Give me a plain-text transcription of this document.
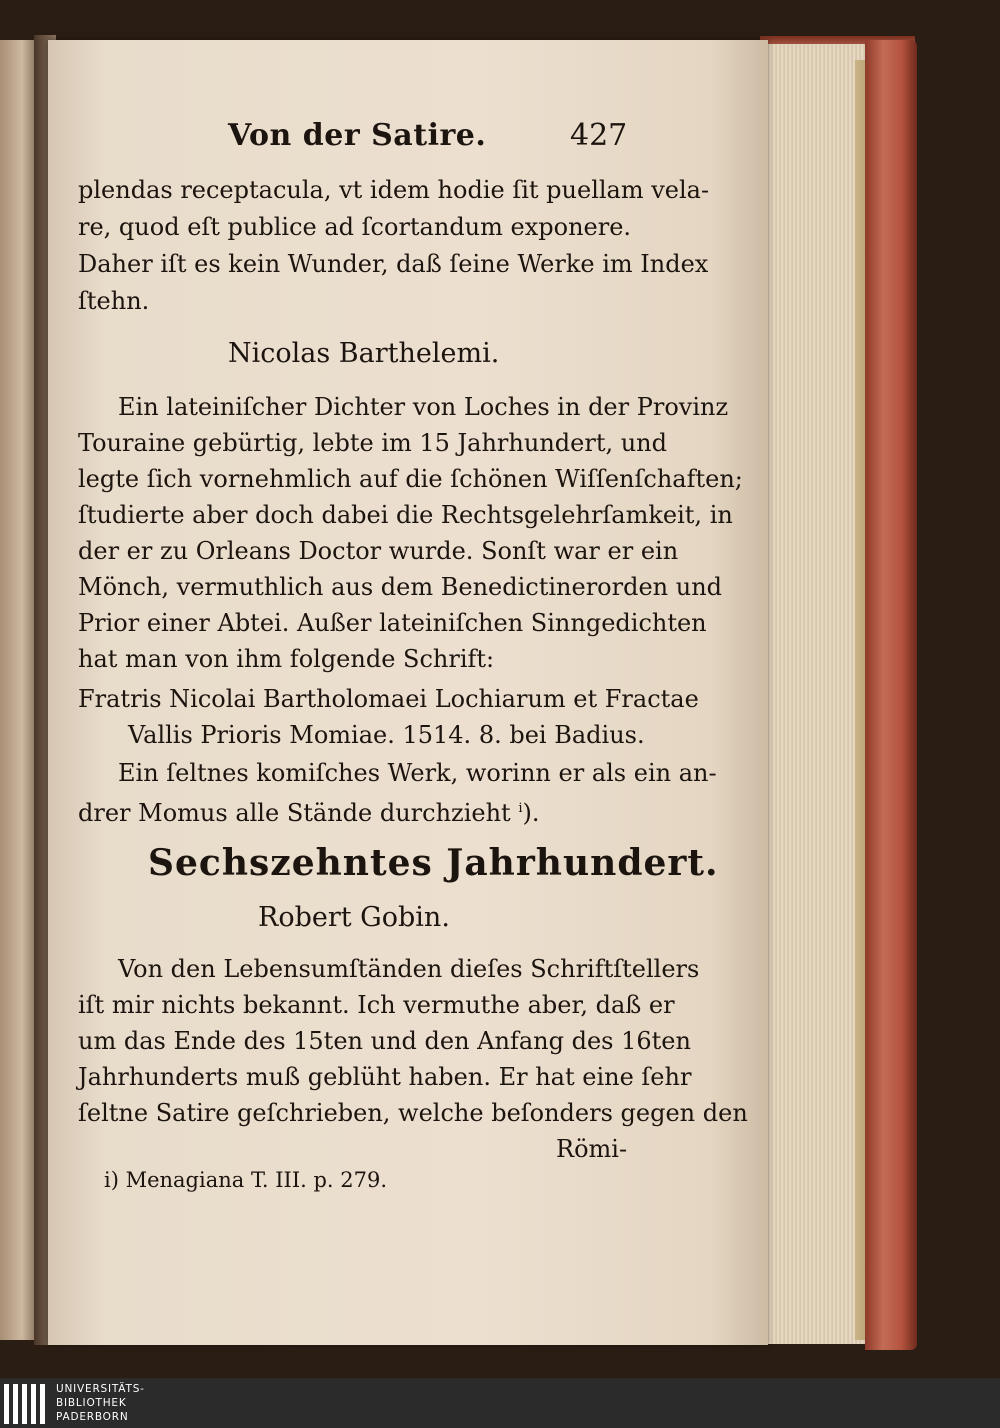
Von der Satire.	427
plendas receptacula, vt idem hodie ſit puellam vela-
re, quod eſt publice ad ſcortandum exponere.
Daher iſt es kein Wunder, daß ſeine Werke im Index
ſtehn.
Nicolas Barthelemi.
Ein lateiniſcher Dichter von Loches in der Provinz
Touraine gebürtig, lebte im 15 Jahrhundert, und
legte ſich vornehmlich auf die ſchönen Wiſſenſchaften;
ſtudierte aber doch dabei die Rechtsgelehrſamkeit, in
der er zu Orleans Doctor wurde. Sonſt war er ein
Mönch, vermuthlich aus dem Benedictinerorden und
Prior einer Abtei. Außer lateiniſchen Sinngedichten
hat man von ihm folgende Schrift:
Fratris Nicolai Bartholomaei Lochiarum et Fractae
Vallis Prioris Momiae. 1514. 8. bei Badius.
Ein ſeltnes komiſches Werk, worinn er als ein an-
drer Momus alle Stände durchzieht $^i$).
Sechszehntes Jahrhundert.
Robert Gobin.
Von den Lebensumſtänden dieſes Schriftſtellers
iſt mir nichts bekannt. Ich vermuthe aber, daß er
um das Ende des 15ten und den Anfang des 16ten
Jahrhunderts muß geblüht haben. Er hat eine ſehr
ſeltne Satire geſchrieben, welche beſonders gegen den
Römi-
i) Menagiana T. III. p. 279.
UNIVERSITÄTS-
BIBLIOTHEK
PADERBORN
